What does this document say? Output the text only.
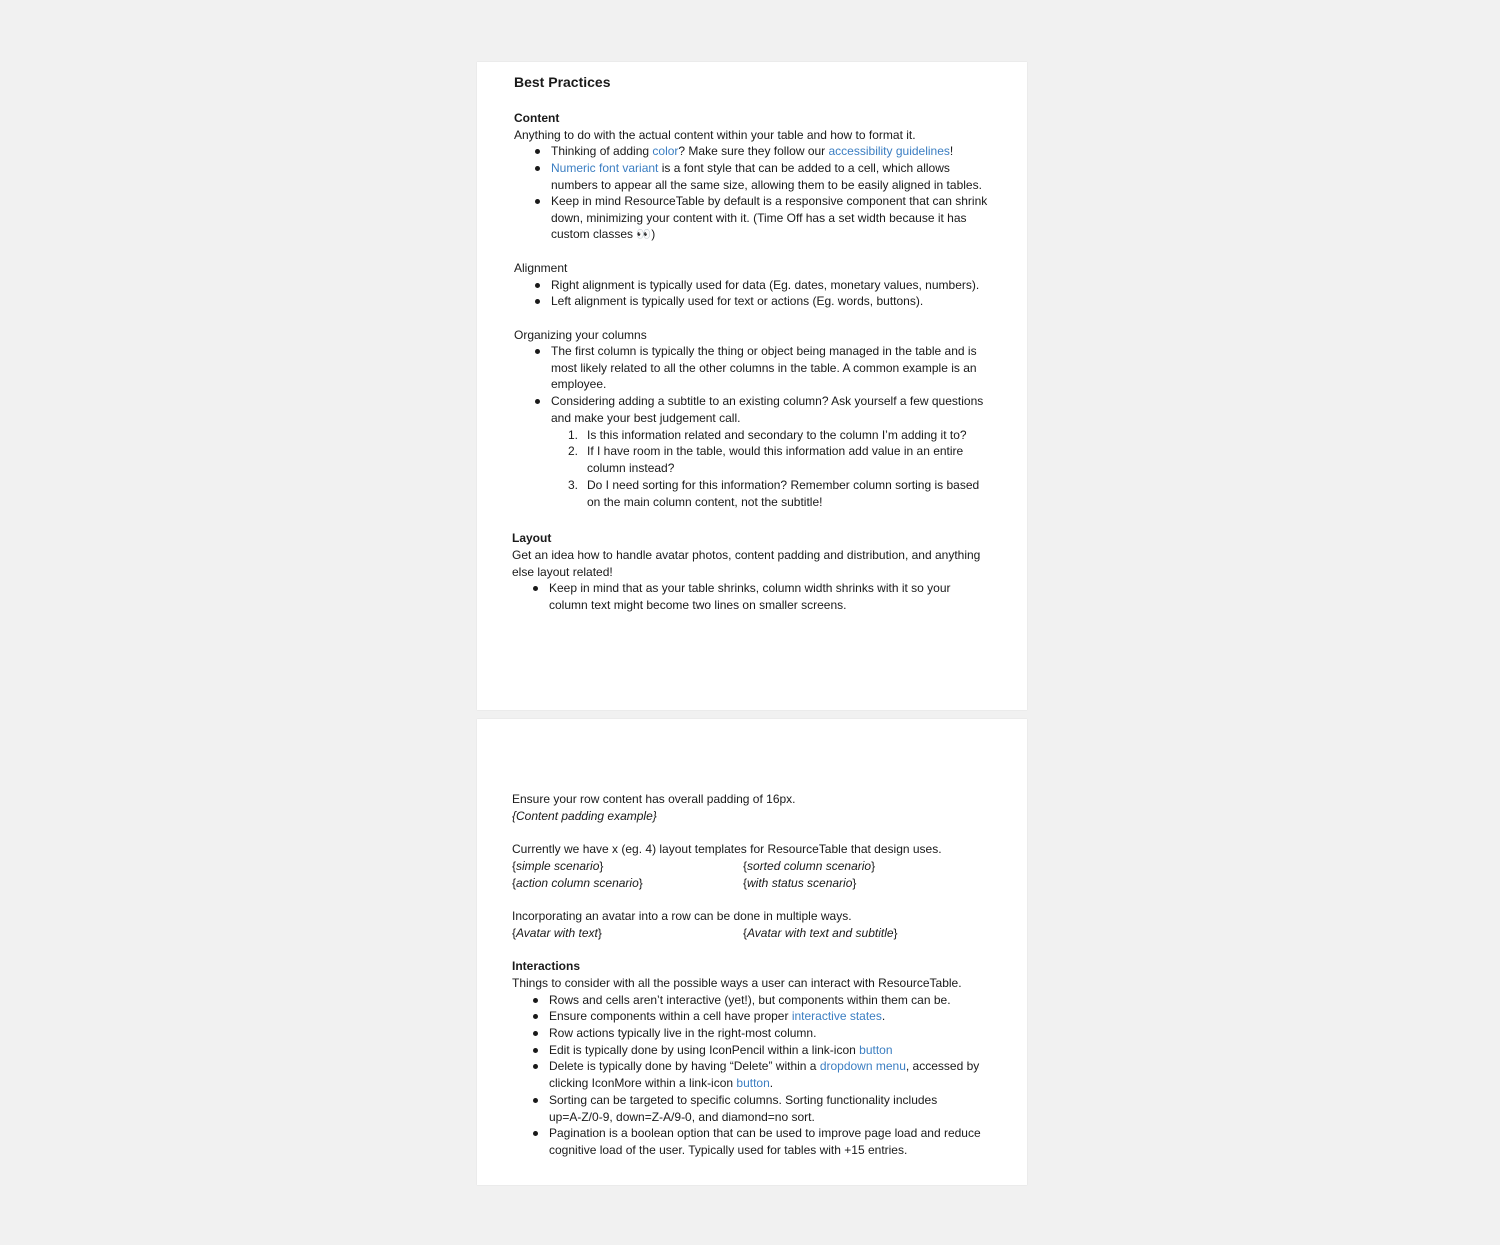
Best Practices
Content
Anything to do with the actual content within your table and how to format it.
Thinking of adding color? Make sure they follow our accessibility guidelines!
Numeric font variant is a font style that can be added to a cell, which allows
numbers to appear all the same size, allowing them to be easily aligned in tables.
Keep in mind ResourceTable by default is a responsive component that can shrink
down, minimizing your content with it. (Time Off has a set width because it has
custom classes 👀)
Alignment
Right alignment is typically used for data (Eg. dates, monetary values, numbers).
Left alignment is typically used for text or actions (Eg. words, buttons).
Organizing your columns
The first column is typically the thing or object being managed in the table and is
most likely related to all the other columns in the table. A common example is an
employee.
Considering adding a subtitle to an existing column? Ask yourself a few questions
and make your best judgement call.
1. Is this information related and secondary to the column I’m adding it to?
2. If I have room in the table, would this information add value in an entire
column instead?
3. Do I need sorting for this information? Remember column sorting is based
on the main column content, not the subtitle!
Layout
Get an idea how to handle avatar photos, content padding and distribution, and anything
else layout related!
Keep in mind that as your table shrinks, column width shrinks with it so your
column text might become two lines on smaller screens.
Ensure your row content has overall padding of 16px.
{Content padding example}
Currently we have x (eg. 4) layout templates for ResourceTable that design uses.
{simple scenario}	{sorted column scenario}
{action column scenario}	{with status scenario}
Incorporating an avatar into a row can be done in multiple ways.
{Avatar with text}	{Avatar with text and subtitle}
Interactions
Things to consider with all the possible ways a user can interact with ResourceTable.
Rows and cells aren’t interactive (yet!), but components within them can be.
Ensure components within a cell have proper interactive states.
Row actions typically live in the right-most column.
Edit is typically done by using IconPencil within a link-icon button
Delete is typically done by having “Delete” within a dropdown menu, accessed by
clicking IconMore within a link-icon button.
Sorting can be targeted to specific columns. Sorting functionality includes
up=A-Z/0-9, down=Z-A/9-0, and diamond=no sort.
Pagination is a boolean option that can be used to improve page load and reduce
cognitive load of the user. Typically used for tables with +15 entries.
